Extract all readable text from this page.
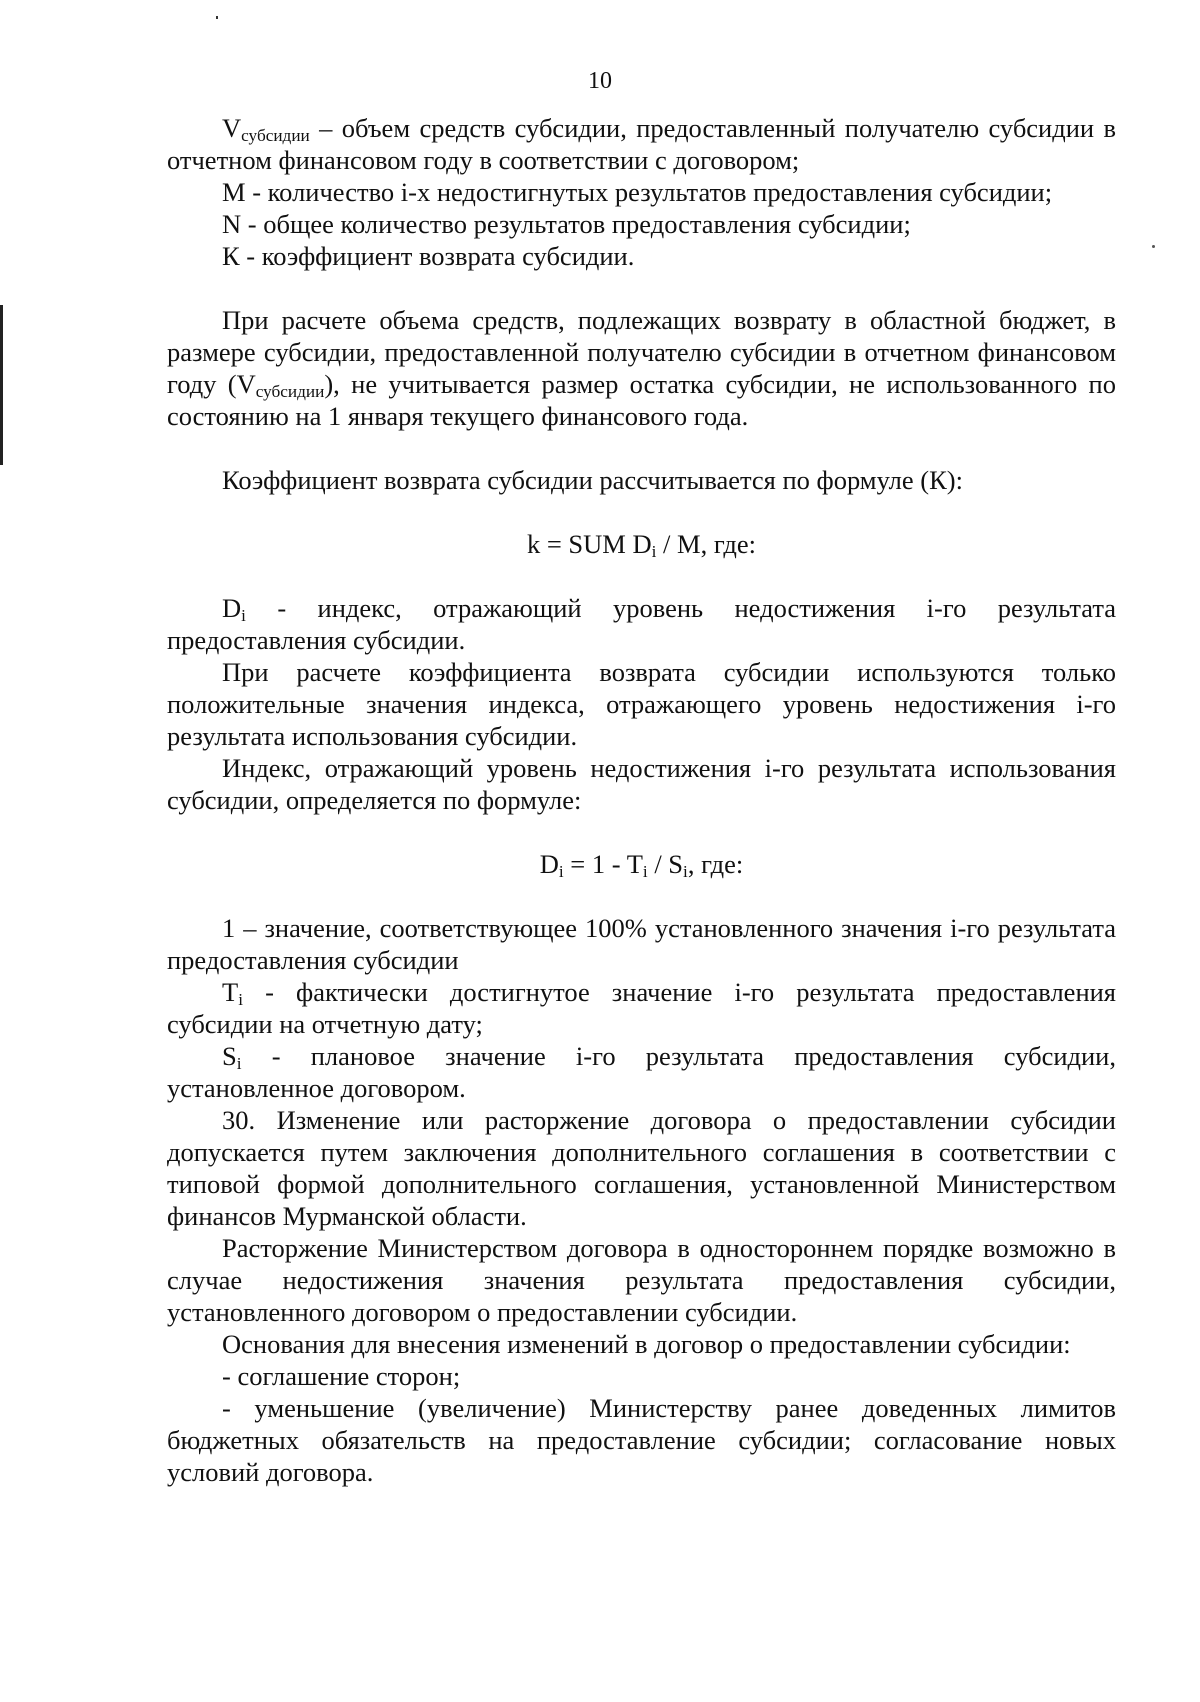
10

$V_{субсидии}$ – объем средств субсидии, предоставленный получателю субсидии в отчетном финансовом году в соответствии с договором;

M - количество i-х недостигнутых результатов предоставления субсидии;

N - общее количество результатов предоставления субсидии;

К - коэффициент возврата субсидии.

При расчете объема средств, подлежащих возврату в областной бюджет, в размере субсидии, предоставленной получателю субсидии в отчетном финансовом году $(V_{субсидии})$, не учитывается размер остатка субсидии, не использованного по состоянию на 1 января текущего финансового года.

Коэффициент возврата субсидии рассчитывается по формуле (К):

k = SUM $D_i$ / M, где:

$D_i$ - индекс, отражающий уровень недостижения i-го результата предоставления субсидии.

При расчете коэффициента возврата субсидии используются только положительные значения индекса, отражающего уровень недостижения i-го результата использования субсидии.

Индекс, отражающий уровень недостижения i-го результата использования субсидии, определяется по формуле:

$D_i = 1 - T_i / S_i$, где:

1 – значение, соответствующее 100% установленного значения i-го результата предоставления субсидии

$T_i$ - фактически достигнутое значение i-го результата предоставления субсидии на отчетную дату;

$S_i$ - плановое значение i-го результата предоставления субсидии, установленное договором.

30. Изменение или расторжение договора о предоставлении субсидии допускается путем заключения дополнительного соглашения в соответствии с типовой формой дополнительного соглашения, установленной Министерством финансов Мурманской области.

Расторжение Министерством договора в одностороннем порядке возможно в случае недостижения значения результата предоставления субсидии, установленного договором о предоставлении субсидии.

Основания для внесения изменений в договор о предоставлении субсидии:

- соглашение сторон;

- уменьшение (увеличение) Министерству ранее доведенных лимитов бюджетных обязательств на предоставление субсидии; согласование новых условий договора.
